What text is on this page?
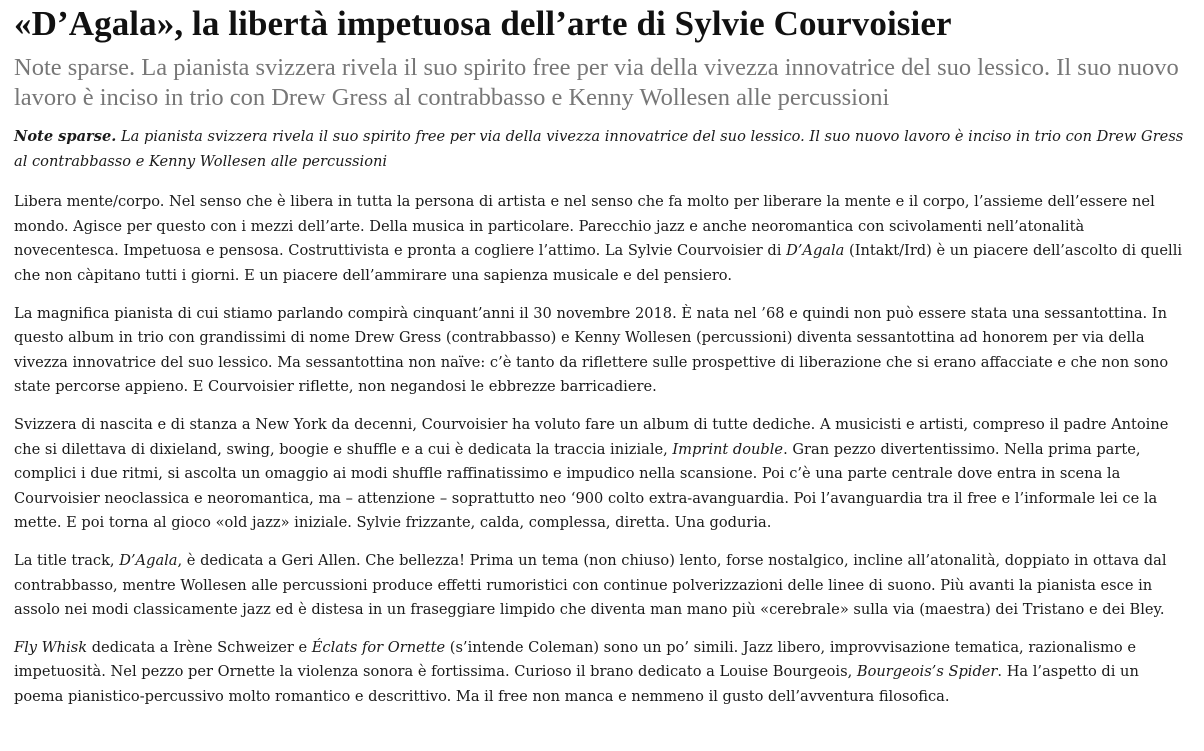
«D’Agala», la libertà impetuosa dell’arte di Sylvie Courvoisier
Note sparse. La pianista svizzera rivela il suo spirito free per via della vivezza innovatrice del suo lessico. Il suo nuovo lavoro è inciso in trio con Drew Gress al contrabbasso e Kenny Wollesen alle percussioni

Note sparse. La pianista svizzera rivela il suo spirito free per via della vivezza innovatrice del suo lessico. Il suo nuovo lavoro è inciso in trio con Drew Gress al contrabbasso e Kenny Wollesen alle percussioni

Libera mente/corpo. Nel senso che è libera in tutta la persona di artista e nel senso che fa molto per liberare la mente e il corpo, l’assieme dell’essere nel mondo. Agisce per questo con i mezzi dell’arte. Della musica in particolare. Parecchio jazz e anche neoromantica con scivolamenti nell’atonalità novecentesca. Impetuosa e pensosa. Costruttivista e pronta a cogliere l’attimo. La Sylvie Courvoisier di D’Agala (Intakt/Ird) è un piacere dell’ascolto di quelli che non càpitano tutti i giorni. E un piacere dell’ammirare una sapienza musicale e del pensiero.

La magnifica pianista di cui stiamo parlando compirà cinquant’anni il 30 novembre 2018. È nata nel ’68 e quindi non può essere stata una sessantottina. In questo album in trio con grandissimi di nome Drew Gress (contrabbasso) e Kenny Wollesen (percussioni) diventa sessantottina ad honorem per via della vivezza innovatrice del suo lessico. Ma sessantottina non naïve: c’è tanto da riflettere sulle prospettive di liberazione che si erano affacciate e che non sono state percorse appieno. E Courvoisier riflette, non negandosi le ebbrezze barricadiere.

Svizzera di nascita e di stanza a New York da decenni, Courvoisier ha voluto fare un album di tutte dediche. A musicisti e artisti, compreso il padre Antoine che si dilettava di dixieland, swing, boogie e shuffle e a cui è dedicata la traccia iniziale, Imprint double. Gran pezzo divertentissimo. Nella prima parte, complici i due ritmi, si ascolta un omaggio ai modi shuffle raffinatissimo e impudico nella scansione. Poi c’è una parte centrale dove entra in scena la Courvoisier neoclassica e neoromantica, ma – attenzione – soprattutto neo ‘900 colto extra-avanguardia. Poi l’avanguardia tra il free e l’informale lei ce la mette. E poi torna al gioco «old jazz» iniziale. Sylvie frizzante, calda, complessa, diretta. Una goduria.

La title track, D’Agala, è dedicata a Geri Allen. Che bellezza! Prima un tema (non chiuso) lento, forse nostalgico, incline all’atonalità, doppiato in ottava dal contrabbasso, mentre Wollesen alle percussioni produce effetti rumoristici con continue polverizzazioni delle linee di suono. Più avanti la pianista esce in assolo nei modi classicamente jazz ed è distesa in un fraseggiare limpido che diventa man mano più «cerebrale» sulla via (maestra) dei Tristano e dei Bley.

Fly Whisk dedicata a Irène Schweizer e Éclats for Ornette (s’intende Coleman) sono un po’ simili. Jazz libero, improvvisazione tematica, razionalismo e impetuosità. Nel pezzo per Ornette la violenza sonora è fortissima. Curioso il brano dedicato a Louise Bourgeois, Bourgeois’s Spider. Ha l’aspetto di un poema pianistico-percussivo molto romantico e descrittivo. Ma il free non manca e nemmeno il gusto dell’avventura filosofica.
